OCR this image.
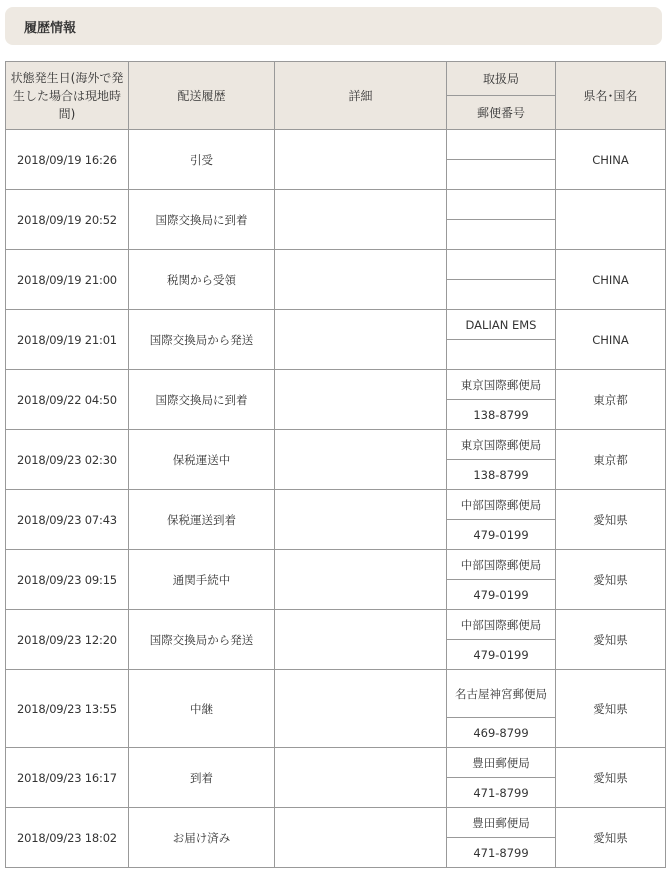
履歴情報
状態発生日(海外で発生した場合は現地時間)	配送履歴	詳細	取扱局	県名･国名
			郵便番号	
2018/09/19 16:26	引受			CHINA

2018/09/19 20:52	国際交換局に到着			

2018/09/19 21:00	税関から受領			CHINA

2018/09/19 21:01	国際交換局から発送		DALIAN EMS	CHINA

2018/09/22 04:50	国際交換局に到着		東京国際郵便局	東京都
			138-8799	
2018/09/23 02:30	保税運送中		東京国際郵便局	東京都
			138-8799	
2018/09/23 07:43	保税運送到着		中部国際郵便局	愛知県
			479-0199	
2018/09/23 09:15	通関手続中		中部国際郵便局	愛知県
			479-0199	
2018/09/23 12:20	国際交換局から発送		中部国際郵便局	愛知県
			479-0199	
2018/09/23 13:55	中継		名古屋神宮郵便局	愛知県
			469-8799	
2018/09/23 16:17	到着		豊田郵便局	愛知県
			471-8799	
2018/09/23 18:02	お届け済み		豊田郵便局	愛知県
			471-8799	
